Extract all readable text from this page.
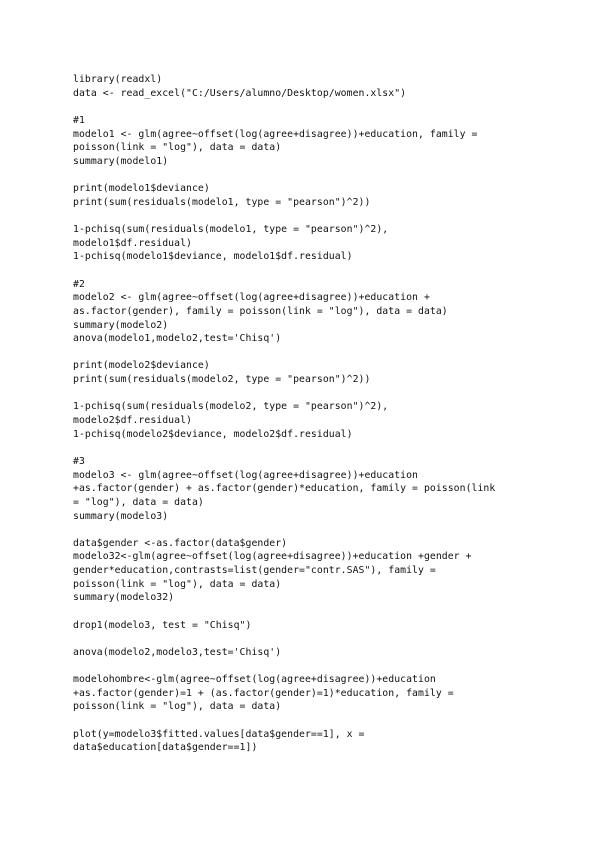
library(readxl)
data <- read_excel("C:/Users/alumno/Desktop/women.xlsx")
#1
modelo1 <- glm(agree~offset(log(agree+disagree))+education, family =
poisson(link = "log"), data = data)
summary(modelo1)
print(modelo1$deviance)
print(sum(residuals(modelo1, type = "pearson")^2))
1-pchisq(sum(residuals(modelo1, type = "pearson")^2),
modelo1$df.residual)
1-pchisq(modelo1$deviance, modelo1$df.residual)
#2
modelo2 <- glm(agree~offset(log(agree+disagree))+education +
as.factor(gender), family = poisson(link = "log"), data = data)
summary(modelo2)
anova(modelo1,modelo2,test='Chisq')
print(modelo2$deviance)
print(sum(residuals(modelo2, type = "pearson")^2))
1-pchisq(sum(residuals(modelo2, type = "pearson")^2),
modelo2$df.residual)
1-pchisq(modelo2$deviance, modelo2$df.residual)
#3
modelo3 <- glm(agree~offset(log(agree+disagree))+education
+as.factor(gender) + as.factor(gender)*education, family = poisson(link
= "log"), data = data)
summary(modelo3)
data$gender <-as.factor(data$gender)
modelo32<-glm(agree~offset(log(agree+disagree))+education +gender +
gender*education,contrasts=list(gender="contr.SAS"), family =
poisson(link = "log"), data = data)
summary(modelo32)
drop1(modelo3, test = "Chisq")
anova(modelo2,modelo3,test='Chisq')
modelohombre<-glm(agree~offset(log(agree+disagree))+education
+as.factor(gender)=1 + (as.factor(gender)=1)*education, family =
poisson(link = "log"), data = data)
plot(y=modelo3$fitted.values[data$gender==1], x =
data$education[data$gender==1])
